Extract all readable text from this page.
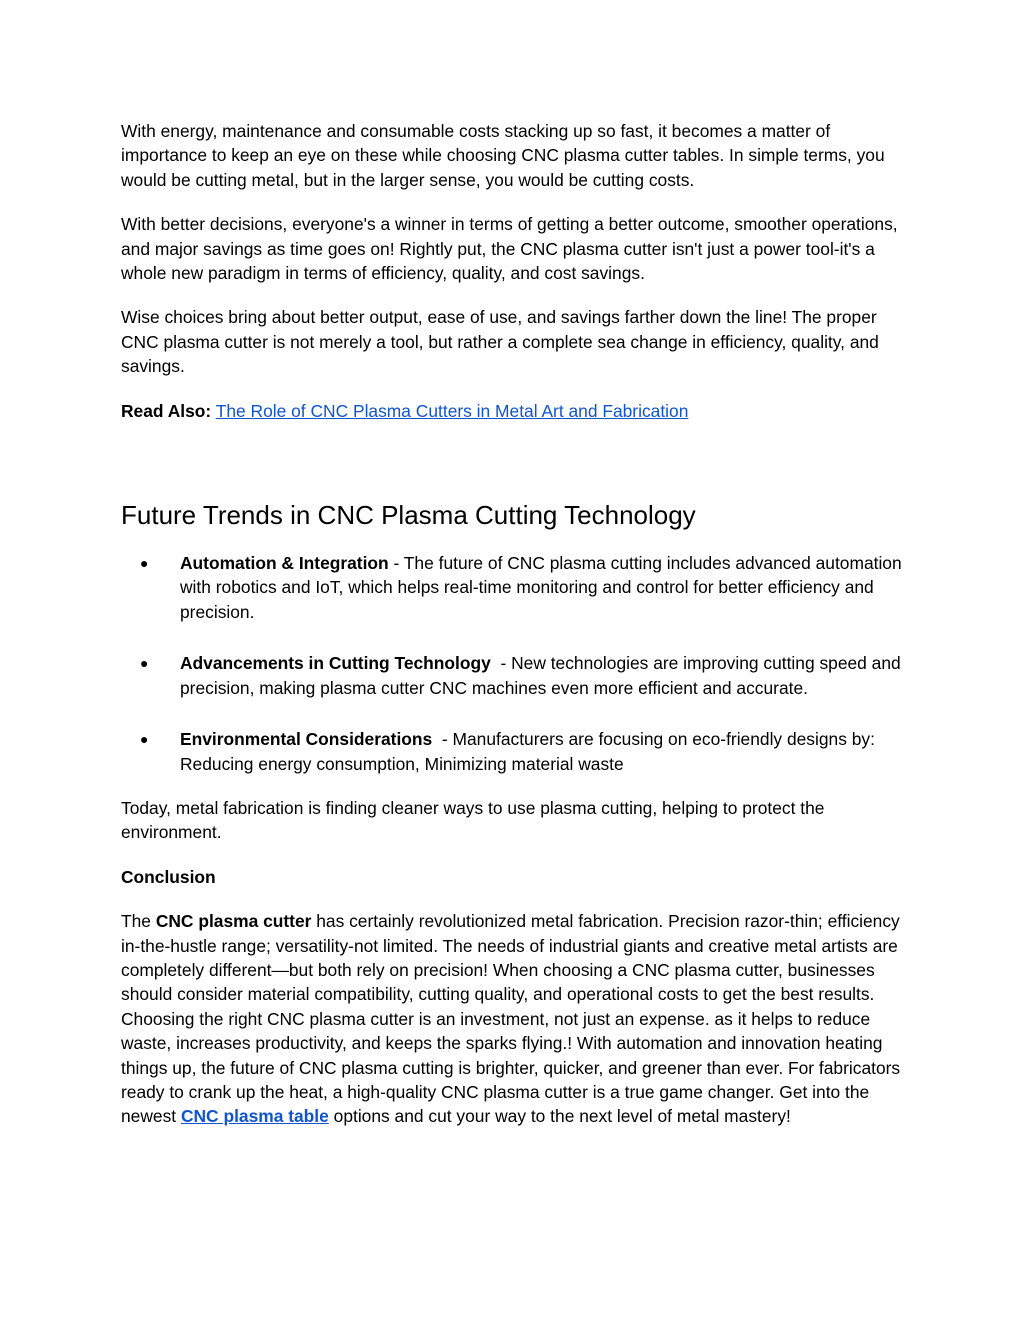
With energy, maintenance and consumable costs stacking up so fast, it becomes a matter of importance to keep an eye on these while choosing CNC plasma cutter tables. In simple terms, you would be cutting metal, but in the larger sense, you would be cutting costs.

With better decisions, everyone's a winner in terms of getting a better outcome, smoother operations, and major savings as time goes on! Rightly put, the CNC plasma cutter isn't just a power tool-it's a whole new paradigm in terms of efficiency, quality, and cost savings.

Wise choices bring about better output, ease of use, and savings farther down the line! The proper CNC plasma cutter is not merely a tool, but rather a complete sea change in efficiency, quality, and savings.

Read Also: The Role of CNC Plasma Cutters in Metal Art and Fabrication

Future Trends in CNC Plasma Cutting Technology
● Automation & Integration - The future of CNC plasma cutting includes advanced automation with robotics and IoT, which helps real-time monitoring and control for better efficiency and precision.
● Advancements in Cutting Technology  - New technologies are improving cutting speed and precision, making plasma cutter CNC machines even more efficient and accurate.
● Environmental Considerations  - Manufacturers are focusing on eco-friendly designs by: Reducing energy consumption, Minimizing material waste

Today, metal fabrication is finding cleaner ways to use plasma cutting, helping to protect the environment.

Conclusion

The CNC plasma cutter has certainly revolutionized metal fabrication. Precision razor-thin; efficiency in-the-hustle range; versatility-not limited. The needs of industrial giants and creative metal artists are completely different—but both rely on precision! When choosing a CNC plasma cutter, businesses should consider material compatibility, cutting quality, and operational costs to get the best results. Choosing the right CNC plasma cutter is an investment, not just an expense. as it helps to reduce waste, increases productivity, and keeps the sparks flying.! With automation and innovation heating things up, the future of CNC plasma cutting is brighter, quicker, and greener than ever. For fabricators ready to crank up the heat, a high-quality CNC plasma cutter is a true game changer. Get into the newest CNC plasma table options and cut your way to the next level of metal mastery!
